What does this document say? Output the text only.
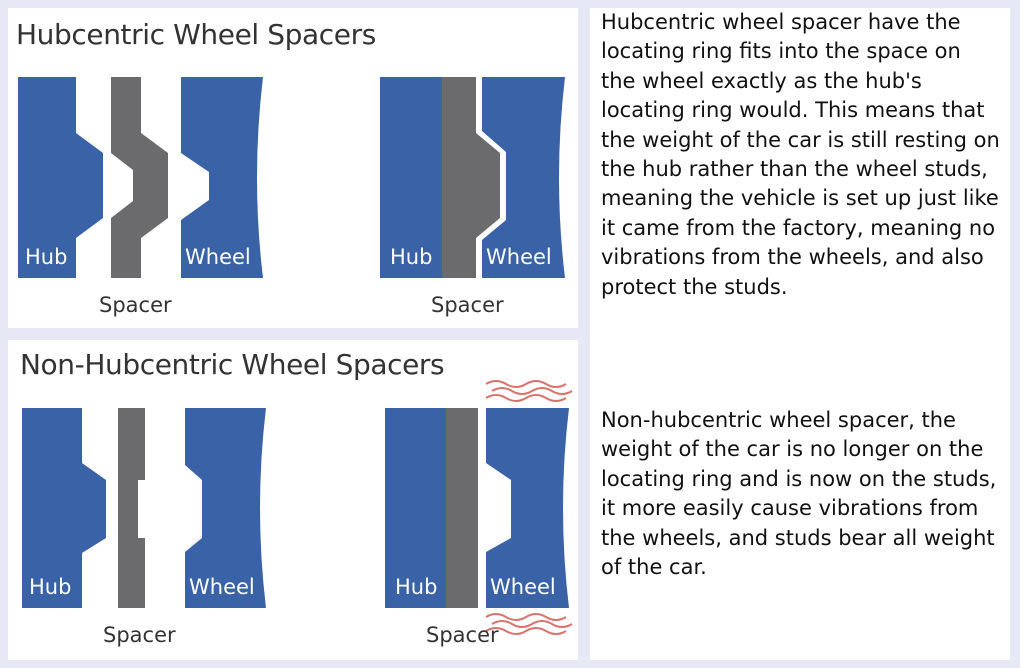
Hubcentric Wheel Spacers
Hub	Wheel
Spacer
Hub	Wheel
Spacer
Non-Hubcentric Wheel Spacers
Hub	Wheel
Spacer
Hub	Wheel
Spacer
Hubcentric wheel spacer have the locating ring fits into the space on the wheel exactly as the hub's locating ring would. This means that the weight of the car is still resting on the hub rather than the wheel studs, meaning the vehicle is set up just like it came from the factory, meaning no vibrations from the wheels, and also protect the studs.
Non-hubcentric wheel spacer, the weight of the car is no longer on the locating ring and is now on the studs, it more easily cause vibrations from the wheels, and studs bear all weight of the car.
